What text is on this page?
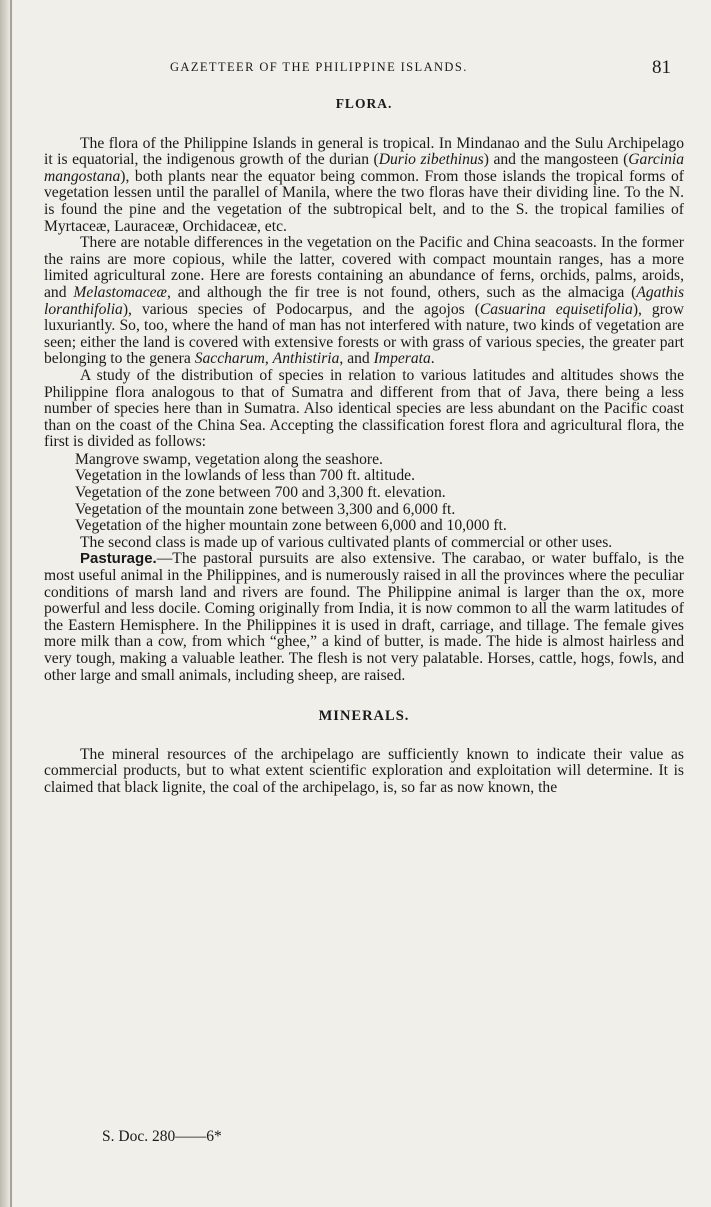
GAZETTEER OF THE PHILIPPINE ISLANDS.	81
FLORA.

The flora of the Philippine Islands in general is tropical. In Mindanao and the Sulu Archipelago it is equatorial, the indigenous growth of the durian (Durio zibethinus) and the mangosteen (Garcinia mangostana), both plants near the equator being common. From those islands the tropical forms of vegetation lessen until the parallel of Manila, where the two floras have their dividing line. To the N. is found the pine and the vegetation of the subtropical belt, and to the S. the tropical families of Myrtaceæ, Lauraceæ, Orchidaceæ, etc.

There are notable differences in the vegetation on the Pacific and China seacoasts. In the former the rains are more copious, while the latter, covered with compact mountain ranges, has a more limited agricultural zone. Here are forests containing an abundance of ferns, orchids, palms, aroids, and Melastomaceæ, and although the fir tree is not found, others, such as the almaciga (Agathis loranthifolia), various species of Podocarpus, and the agojos (Casuarina equisetifolia), grow luxuriantly. So, too, where the hand of man has not interfered with nature, two kinds of vegetation are seen; either the land is covered with extensive forests or with grass of various species, the greater part belonging to the genera Saccharum, Anthistiria, and Imperata.

A study of the distribution of species in relation to various latitudes and altitudes shows the Philippine flora analogous to that of Sumatra and different from that of Java, there being a less number of species here than in Sumatra. Also identical species are less abundant on the Pacific coast than on the coast of the China Sea. Accepting the classification forest flora and agricultural flora, the first is divided as follows:

Mangrove swamp, vegetation along the seashore.
Vegetation in the lowlands of less than 700 ft. altitude.
Vegetation of the zone between 700 and 3,300 ft. elevation.
Vegetation of the mountain zone between 3,300 and 6,000 ft.
Vegetation of the higher mountain zone between 6,000 and 10,000 ft.

The second class is made up of various cultivated plants of commercial or other uses.

Pasturage.—The pastoral pursuits are also extensive. The carabao, or water buffalo, is the most useful animal in the Philippines, and is numerously raised in all the provinces where the peculiar conditions of marsh land and rivers are found. The Philippine animal is larger than the ox, more powerful and less docile. Coming originally from India, it is now common to all the warm latitudes of the Eastern Hemisphere. In the Philippines it is used in draft, carriage, and tillage. The female gives more milk than a cow, from which “ghee,” a kind of butter, is made. The hide is almost hairless and very tough, making a valuable leather. The flesh is not very palatable. Horses, cattle, hogs, fowls, and other large and small animals, including sheep, are raised.

MINERALS.

The mineral resources of the archipelago are sufficiently known to indicate their value as commercial products, but to what extent scientific exploration and exploitation will determine. It is claimed that black lignite, the coal of the archipelago, is, so far as now known, the

S. Doc. 280——6*
